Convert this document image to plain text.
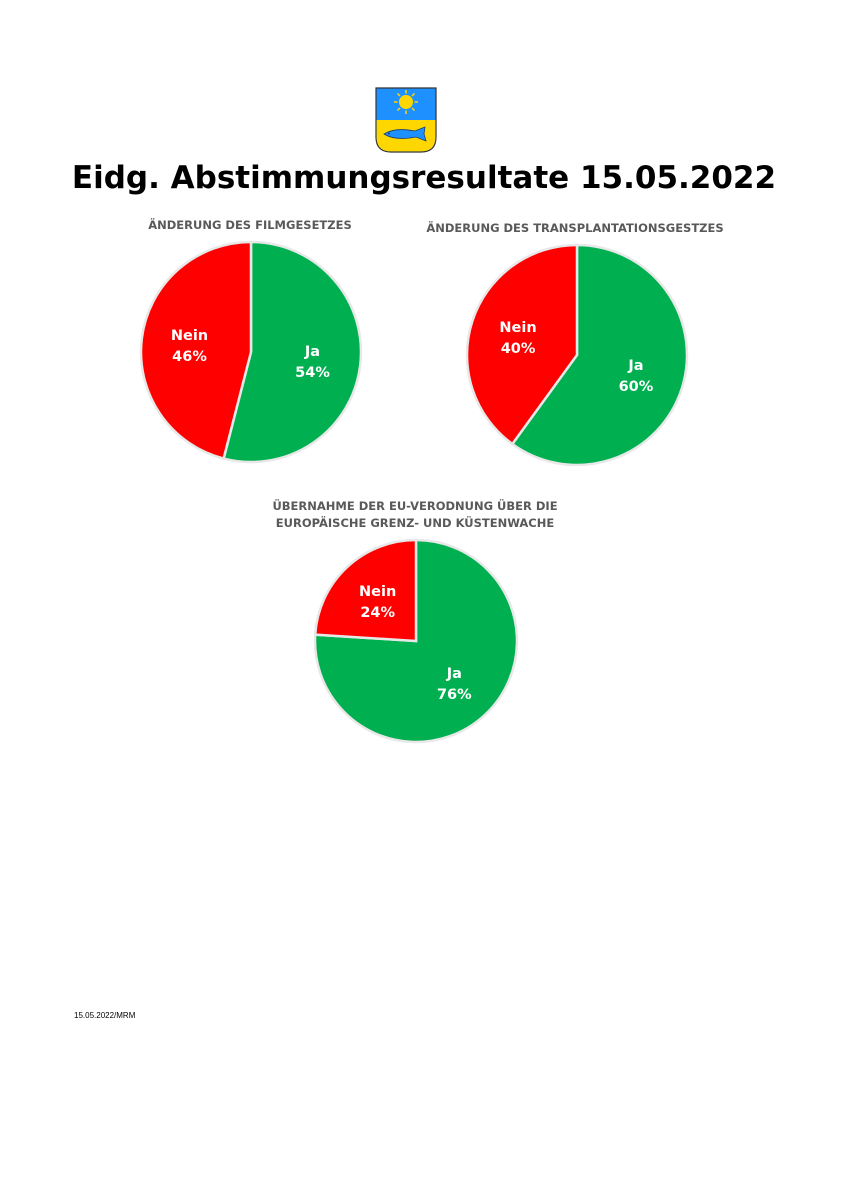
Eidg. Abstimmungsresultate 15.05.2022
ÄNDERUNG DES FILMGESETZES	ÄNDERUNG DES TRANSPLANTATIONSGESTZES
ÜBERNAHME DER EU-VERODNUNG ÜBER DIE EUROPÄISCHE GRENZ- UND KÜSTENWACHE
Ja
54%
Nein
46%
Ja
60%
Nein
40%
Ja
76%
Nein
24%
15.05.2022/MRM
